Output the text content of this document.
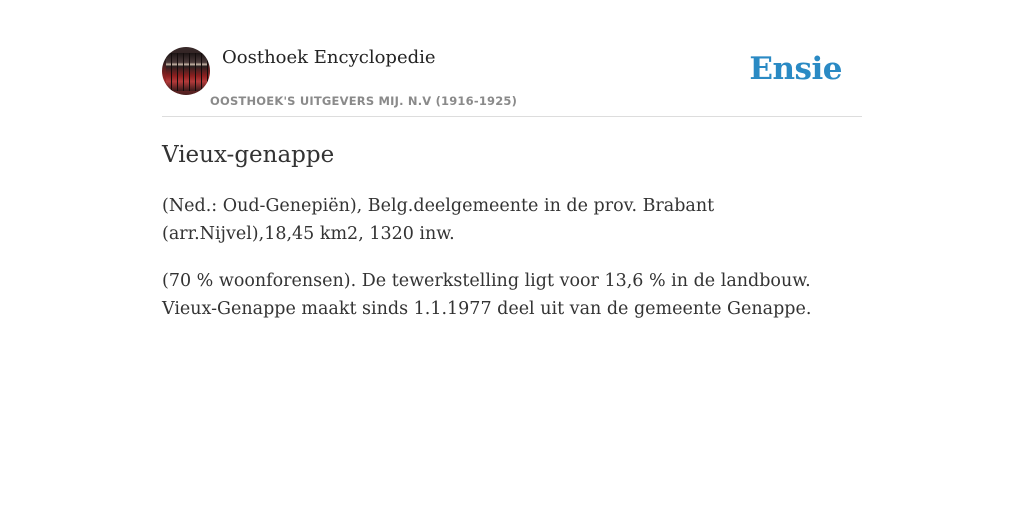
Oosthoek Encyclopedie
OOSTHOEK'S UITGEVERS MIJ. N.V (1916-1925)
Ensie
Vieux-genappe

(Ned.: Oud-Genepiën), Belg.deelgemeente in de prov. Brabant (arr.Nijvel),18,45 km2, 1320 inw.

(70 % woonforensen). De tewerkstelling ligt voor 13,6 % in de landbouw. Vieux-Genappe maakt sinds 1.1.1977 deel uit van de gemeente Genappe.
